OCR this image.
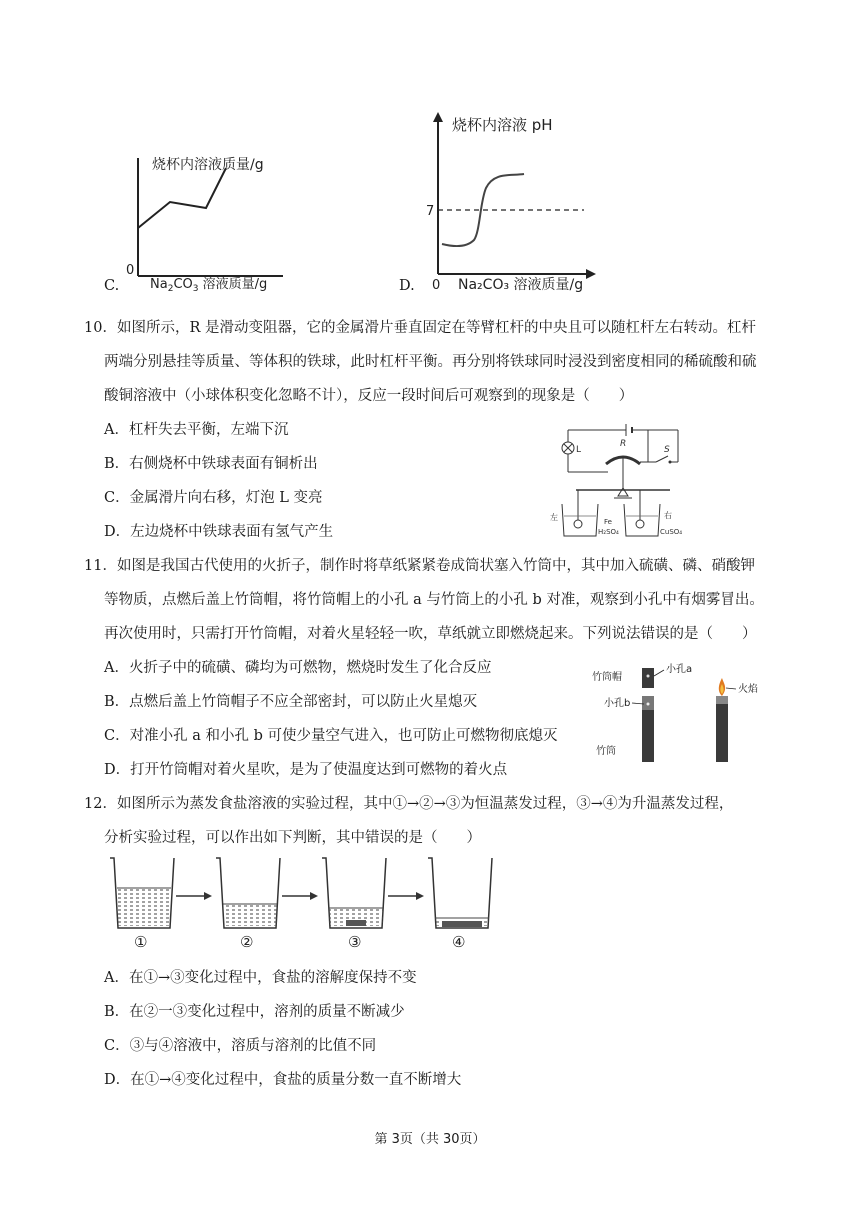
C.
烧杯内溶液质量/g
0
$Na_2CO_3$ 溶液质量/g	D.
烧杯内溶液 pH
7
0 Na₂CO₃ 溶液质量/g
10．如图所示，R 是滑动变阻器，它的金属滑片垂直固定在等臂杠杆的中央且可以随杠杆左右转动。杠杆
两端分别悬挂等质量、等体积的铁球，此时杠杆平衡。再分别将铁球同时浸没到密度相同的稀硫酸和硫
酸铜溶液中（小球体积变化忽略不计），反应一段时间后可观察到的现象是（　　）
A．杠杆失去平衡，左端下沉
B．右侧烧杯中铁球表面有铜析出
C．金属滑片向右移，灯泡 L 变亮
D．左边烧杯中铁球表面有氢气产生
L
R
S
左	右
Fe
H₂SO₄	CuSO₄
11．如图是我国古代使用的火折子，制作时将草纸紧紧卷成筒状塞入竹筒中，其中加入硫磺、磷、硝酸钾
等物质，点燃后盖上竹筒帽，将竹筒帽上的小孔 a 与竹筒上的小孔 b 对准，观察到小孔中有烟雾冒出。
再次使用时，只需打开竹筒帽，对着火星轻轻一吹，草纸就立即燃烧起来。下列说法错误的是（　　）
A．火折子中的硫磺、磷均为可燃物，燃烧时发生了化合反应
B．点燃后盖上竹筒帽子不应全部密封，可以防止火星熄灭
C．对准小孔 a 和小孔 b 可使少量空气进入，也可防止可燃物彻底熄灭
D．打开竹筒帽对着火星吹，是为了使温度达到可燃物的着火点
竹筒帽
小孔a
小孔b
竹筒
火焰
12．如图所示为蒸发食盐溶液的实验过程，其中①→②→③为恒温蒸发过程，③→④为升温蒸发过程，
分析实验过程，可以作出如下判断，其中错误的是（　　）
①	②	③	④
A．在①→③变化过程中，食盐的溶解度保持不变
B．在②一③变化过程中，溶剂的质量不断减少
C．③与④溶液中，溶质与溶剂的比值不同
D．在①→④变化过程中，食盐的质量分数一直不断增大
第 3页（共 30页）
